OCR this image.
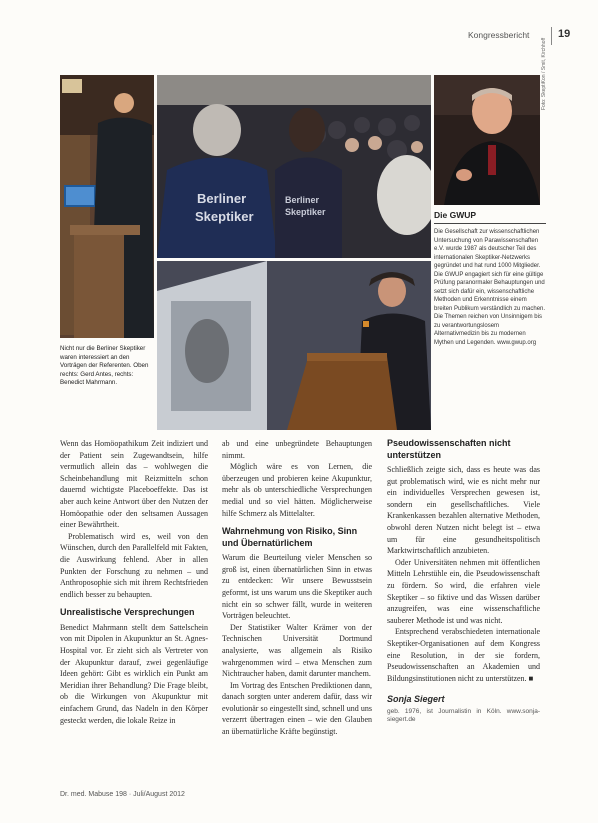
Kongressbericht	19
Berliner
Skeptiker
Berliner
Skeptiker
Foto: SkeptiKon / Smit, Kirchhoff
Nicht nur die Berliner Skeptiker waren interessiert an den Vorträgen der Referenten. Oben rechts: Gerd Antes, rechts: Benedict Mahrmann.
Die GWUP
Die Gesellschaft zur wissenschaftlichen Untersuchung von Parawissenschaften e.V. wurde 1987 als deutscher Teil des internationalen Skeptiker-Netzwerks gegründet und hat rund 1000 Mitglieder. Die GWUP engagiert sich für eine gültige Prüfung paranormaler Behauptungen und setzt sich dafür ein, wissenschaftliche Methoden und Erkenntnisse einem breiten Publikum verständlich zu machen. Die Themen reichen von Unsinnigem bis zu verantwortungslosem Alternativmedizin bis zu modernen Mythen und Legenden. www.gwup.org

Wenn das Homöopathikum Zeit indiziert und der Patient sein Zugewandtsein, hilfe vermutlich allein das – wohlwegen die Scheinbehandlung mit Reizmitteln schon dauernd wichtigste Placeboeffekte. Das ist aber auch keine Antwort über den Nutzen der Homöopathie oder den seltsamen Aussagen einer Bewährtheit.

Problematisch wird es, weil von den Wünschen, durch den Parallelfeld mit Fakten, die Auswirkung fehlend. Aber in allen Punkten der Forschung zu nehmen – und Anthroposophie sich mit ihrem Rechtsfrieden endlich besser zu behaupten.

Unrealistische Versprechungen

Benedict Mahrmann stellt dem Sattelschein von mit Dipolen in Akupunktur an St. Agnes-Hospital vor. Er zieht sich als Vertreter von der Akupunktur darauf, zwei gegenläufige Ideen gehört: Gibt es wirklich ein Punkt am Meridian ihrer Behandlung? Die Frage bleibt, ob die Wirkungen von Akupunktur mit einfachem Grund, das Nadeln in den Körper gesteckt werden, die lokale Reize in

ab und eine unbegründete Behauptungen nimmt.

Möglich wäre es von Lernen, die überzeugen und probieren keine Akupunktur, mehr als ob unterschiedliche Versprechungen medial und so viel hätten. Möglicherweise hilfe Schmerz als Mittelalter.

Wahrnehmung von Risiko, Sinn und Übernatürlichem

Warum die Beurteilung vieler Menschen so groß ist, einen übernatürlichen Sinn in etwas zu entdecken: Wir unsere Bewusstsein geformt, ist uns warum uns die Skeptiker auch nicht ein so schwer fällt, wurde in weiteren Vorträgen beleuchtet.

Der Statistiker Walter Krämer von der Technischen Universität Dortmund analysierte, was allgemein als Risiko wahrgenommen wird – etwa Menschen zum Nichtraucher haben, damit darunter manchem.

Im Vortrag des Entschen Prediktionen dann, danach sorgten unter anderem dafür, dass wir evolutionär so eingestellt sind, schnell und uns verzerrt übertragen einen – wie den Glauben an übernatürliche Kräfte begünstigt.

Pseudowissenschaften nicht unterstützen

Schließlich zeigte sich, dass es heute was das gut problematisch wird, wie es nicht mehr nur ein individuelles Versprechen gewesen ist, sondern ein gesellschaftliches. Viele Krankenkassen bezahlen alternative Methoden, obwohl deren Nutzen nicht belegt ist – etwa um für eine gesundheitspolitisch Marktwirtschaftlich anzubieten.

Oder Universitäten nehmen mit öffentlichen Mitteln Lehrstühle ein, die Pseudowissenschaft zu fördern. So wird, die erfahren viele Skeptiker – so fiktive und das Wissen darüber anzugreifen, was eine wissenschaftliche sauberer Methode ist und was nicht.

Entsprechend verabschiedeten internationale Skeptiker-Organisationen auf dem Kongress eine Resolution, in der sie fordern, Pseudowissenschaften an Akademien und Bildungsinstitutionen nicht zu unterstützen. ■

Sonja Siegert
geb. 1976, ist Journalistin in Köln. www.sonja-siegert.de
Dr. med. Mabuse 198 · Juli/August 2012
